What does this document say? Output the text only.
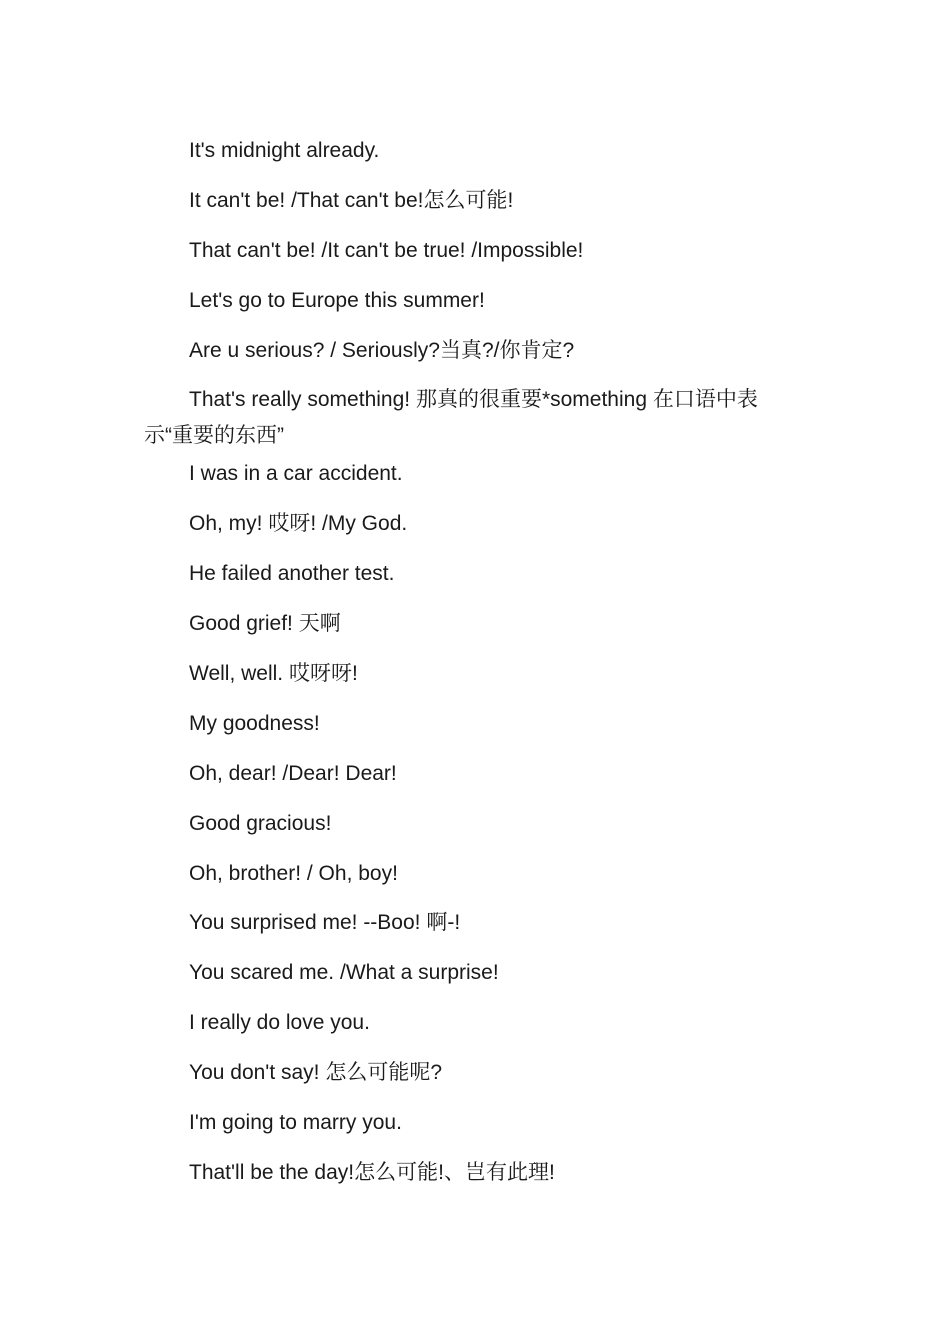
It's midnight already.
It can't be! /That can't be!怎么可能!
That can't be! /It can't be true! /Impossible!
Let's go to Europe this summer!
Are u serious? / Seriously?当真?/你肯定?
That's really something! 那真的很重要*something 在口语中表
示“重要的东西”
I was in a car accident.
Oh, my! 哎呀! /My God.
He failed another test.
Good grief! 天啊
Well, well. 哎呀呀!
My goodness!
Oh, dear! /Dear! Dear!
Good gracious!
Oh, brother! / Oh, boy!
You surprised me! --Boo! 啊-!
You scared me. /What a surprise!
I really do love you.
You don't say! 怎么可能呢?
I'm going to marry you.
That'll be the day!怎么可能!、岂有此理!
